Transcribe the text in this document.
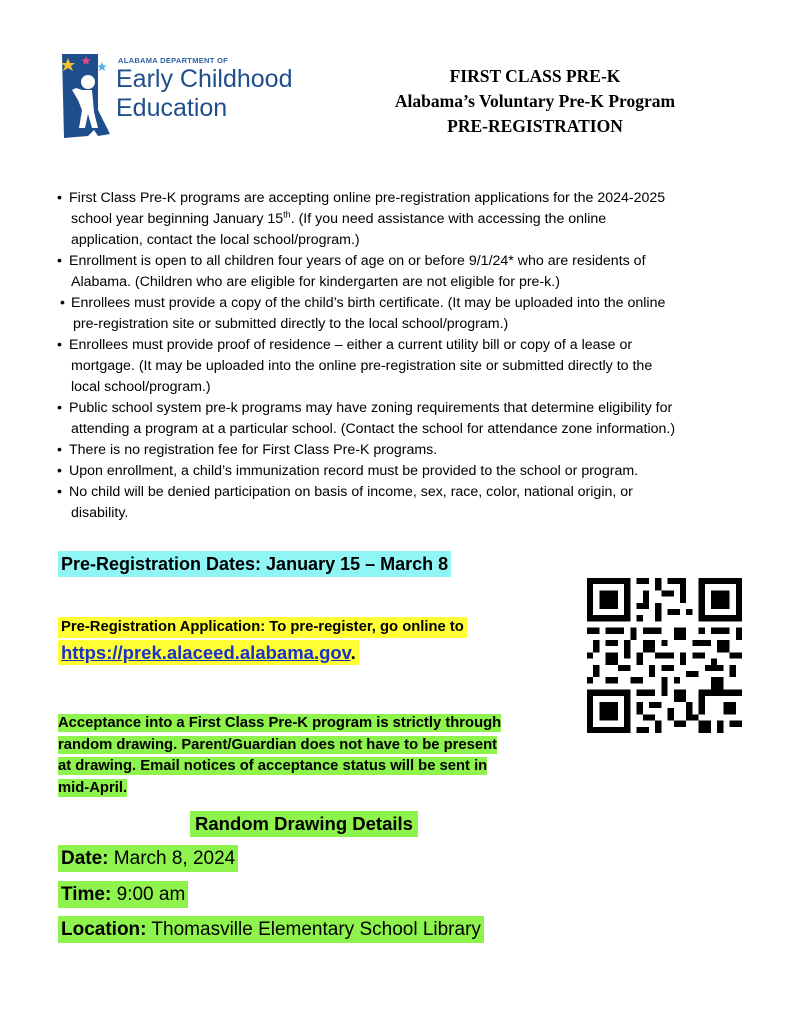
ALABAMA DEPARTMENT OF
Early Childhood
Education
FIRST CLASS PRE-K
Alabama’s Voluntary Pre-K Program
PRE-REGISTRATION
• First Class Pre-K programs are accepting online pre-registration applications for the 2024-2025
school year beginning January 15th. (If you need assistance with accessing the online
application, contact the local school/program.)
• Enrollment is open to all children four years of age on or before 9/1/24* who are residents of
Alabama. (Children who are eligible for kindergarten are not eligible for pre-k.)
• Enrollees must provide a copy of the child’s birth certificate. (It may be uploaded into the online
pre-registration site or submitted directly to the local school/program.)
• Enrollees must provide proof of residence – either a current utility bill or copy of a lease or
mortgage. (It may be uploaded into the online pre-registration site or submitted directly to the
local school/program.)
• Public school system pre-k programs may have zoning requirements that determine eligibility for
attending a program at a particular school. (Contact the school for attendance zone information.)
• There is no registration fee for First Class Pre-K programs.
• Upon enrollment, a child’s immunization record must be provided to the school or program.
• No child will be denied participation on basis of income, sex, race, color, national origin, or
disability.
Pre-Registration Dates: January 15 – March 8
Pre-Registration Application: To pre-register, go online to
https://prek.alaceed.alabama.gov.
Acceptance into a First Class Pre-K program is strictly through
random drawing. Parent/Guardian does not have to be present
at drawing. Email notices of acceptance status will be sent in
mid-April.
Random Drawing Details
Date: March 8, 2024
Time: 9:00 am
Location: Thomasville Elementary School Library
